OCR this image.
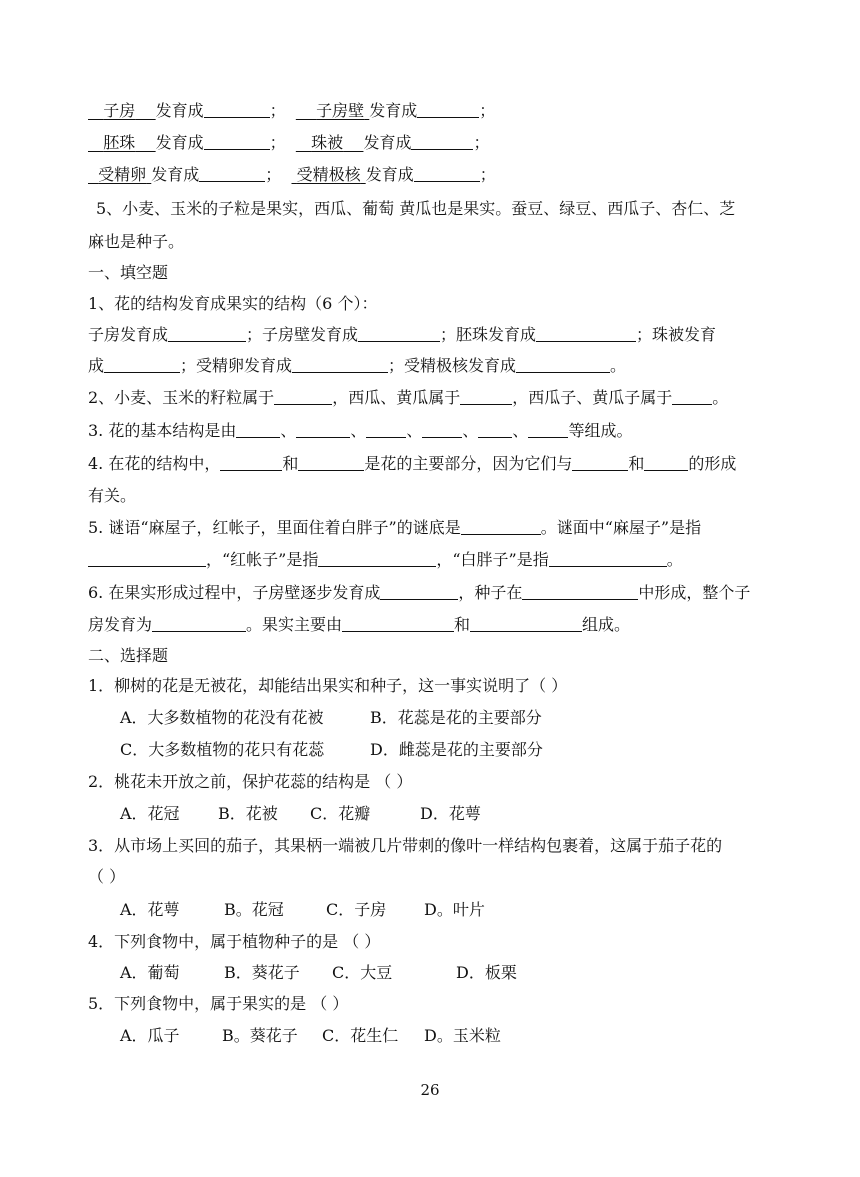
子房 发育成	； 子房壁 发育成	；
胚珠 发育成	； 珠被 发育成	；
受精卵 发育成	； 受精极核 发育成	；
5、小麦、玉米的子粒是果实，西瓜、葡萄 黄瓜也是果实。蚕豆、绿豆、西瓜子、杏仁、芝
麻也是种子。
一、填空题
1、花的结构发育成果实的结构（6 个）：
子房发育成	；子房壁发育成	；胚珠发育成	；珠被发育
成	；受精卵发育成	；受精极核发育成	。
2、小麦、玉米的籽粒属于	，西瓜、黄瓜属于	，西瓜子、黄瓜子属于	。
3. 花的基本结构是由	、	、	、	、 、	等组成。
4. 在花的结构中，	和	是花的主要部分，因为它们与	和	的形成
有关。
5. 谜语“麻屋子，红帐子，里面住着白胖子”的谜底是	。谜面中“麻屋子”是指
，“红帐子”是指	，“白胖子”是指	。
6. 在果实形成过程中，子房壁逐步发育成	，种子在	中形成，整个子
房发育为	。果实主要由	和	组成。
二、选择题
1．柳树的花是无被花，却能结出果实和种子，这一事实说明了（ ）
A．大多数植物的花没有花被	B．花蕊是花的主要部分
C．大多数植物的花只有花蕊	D．雌蕊是花的主要部分
2．桃花未开放之前，保护花蕊的结构是 （ ）
A．花冠 B．花被 C．花瓣	D．花萼
3．从市场上买回的茄子，其果柄一端被几片带刺的像叶一样结构包裹着，这属于茄子花的
（ ）
A．花萼	B。花冠	C．子房 D。叶片
4．下列食物中，属于植物种子的是 （ ）
A．葡萄	B．葵花子 C．大豆	D．板栗
5．下列食物中，属于果实的是 （ ）
A．瓜子	B。葵花子 C．花生仁 D。玉米粒
26
